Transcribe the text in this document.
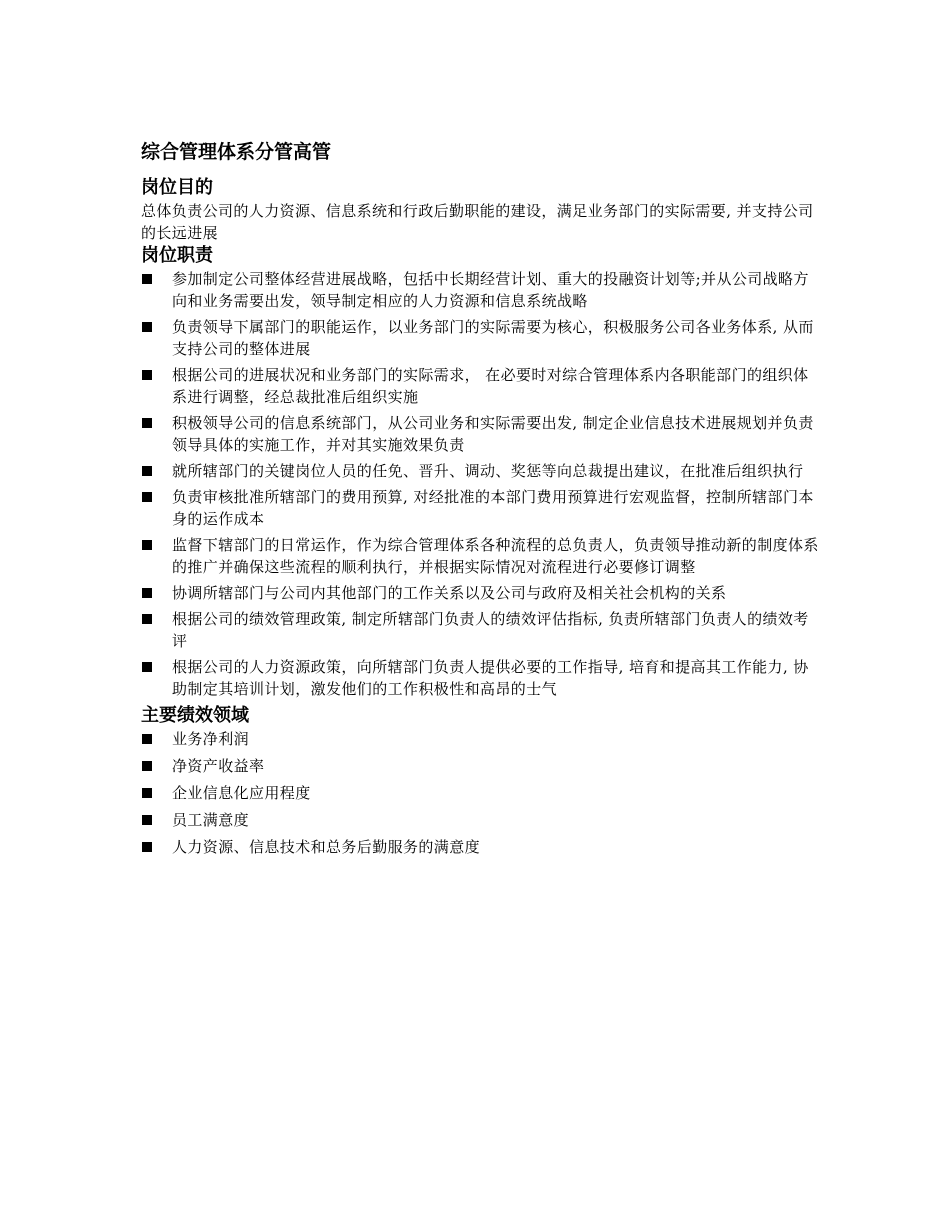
综合管理体系分管高管
岗位目的

总体负责公司的人力资源、信息系统和行政后勤职能的建设，满足业务部门的实际需要, 并支持公司的长远进展

岗位职责
参加制定公司整体经营进展战略，包括中长期经营计划、重大的投融资计划等;并从公司战略方向和业务需要出发，领导制定相应的人力资源和信息系统战略
负责领导下属部门的职能运作，以业务部门的实际需要为核心，积极服务公司各业务体系, 从而支持公司的整体进展
根据公司的进展状况和业务部门的实际需求， 在必要时对综合管理体系内各职能部门的组织体系进行调整，经总裁批准后组织实施
积极领导公司的信息系统部门，从公司业务和实际需要出发, 制定企业信息技术进展规划并负责领导具体的实施工作，并对其实施效果负责
就所辖部门的关键岗位人员的任免、晋升、调动、奖惩等向总裁提出建议，在批准后组织执行
负责审核批准所辖部门的费用预算, 对经批准的本部门费用预算进行宏观监督，控制所辖部门本身的运作成本
监督下辖部门的日常运作，作为综合管理体系各种流程的总负责人，负责领导推动新的制度体系的推广并确保这些流程的顺利执行，并根据实际情况对流程进行必要修订调整
协调所辖部门与公司内其他部门的工作关系以及公司与政府及相关社会机构的关系
根据公司的绩效管理政策, 制定所辖部门负责人的绩效评估指标, 负责所辖部门负责人的绩效考评
根据公司的人力资源政策，向所辖部门负责人提供必要的工作指导, 培育和提高其工作能力, 协助制定其培训计划，激发他们的工作积极性和高昂的士气
主要绩效领域
业务净利润
净资产收益率
企业信息化应用程度
员工满意度
人力资源、信息技术和总务后勤服务的满意度
